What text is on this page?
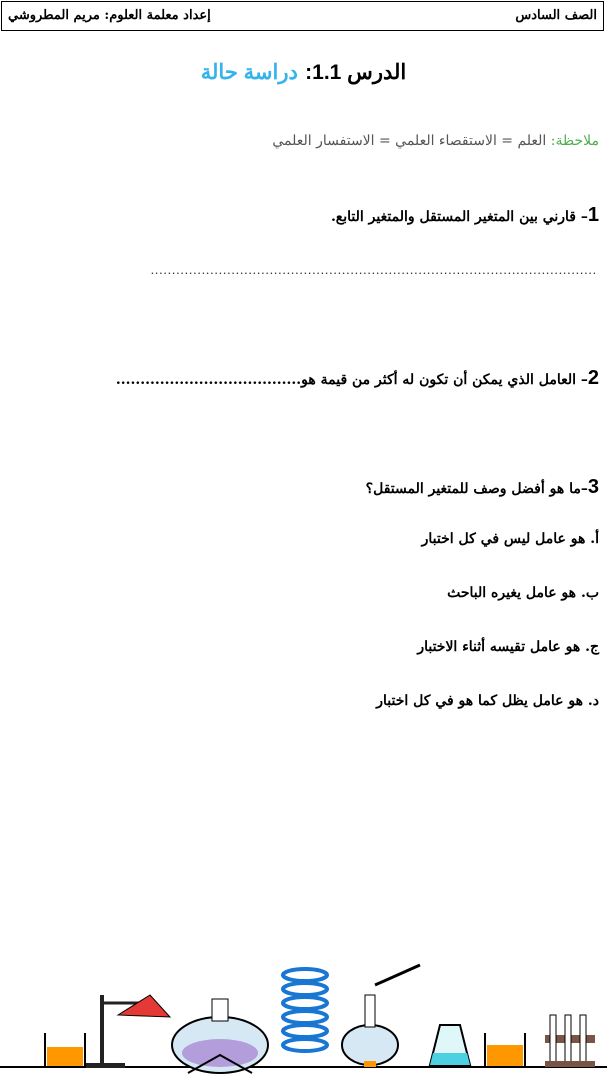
الصف السادس
إعداد معلمة العلوم: مريم المطروشي
الدرس 1.1: دراسة حالة
ملاحظة: العلم = الاستقصاء العلمي = الاستفسار العلمي
1– قارني بين المتغير المستقل والمتغير التابع.
.........................................................................................................
2– العامل الذي يمكن أن تكون له أكثر من قيمة هو......................................
3–ما هو أفضل وصف للمتغير المستقل؟
أ. هو عامل ليس في كل اختبار
ب. هو عامل يغيره الباحث
ج. هو عامل تقيسه أثناء الاختبار
د. هو عامل يظل كما هو في كل اختبار
